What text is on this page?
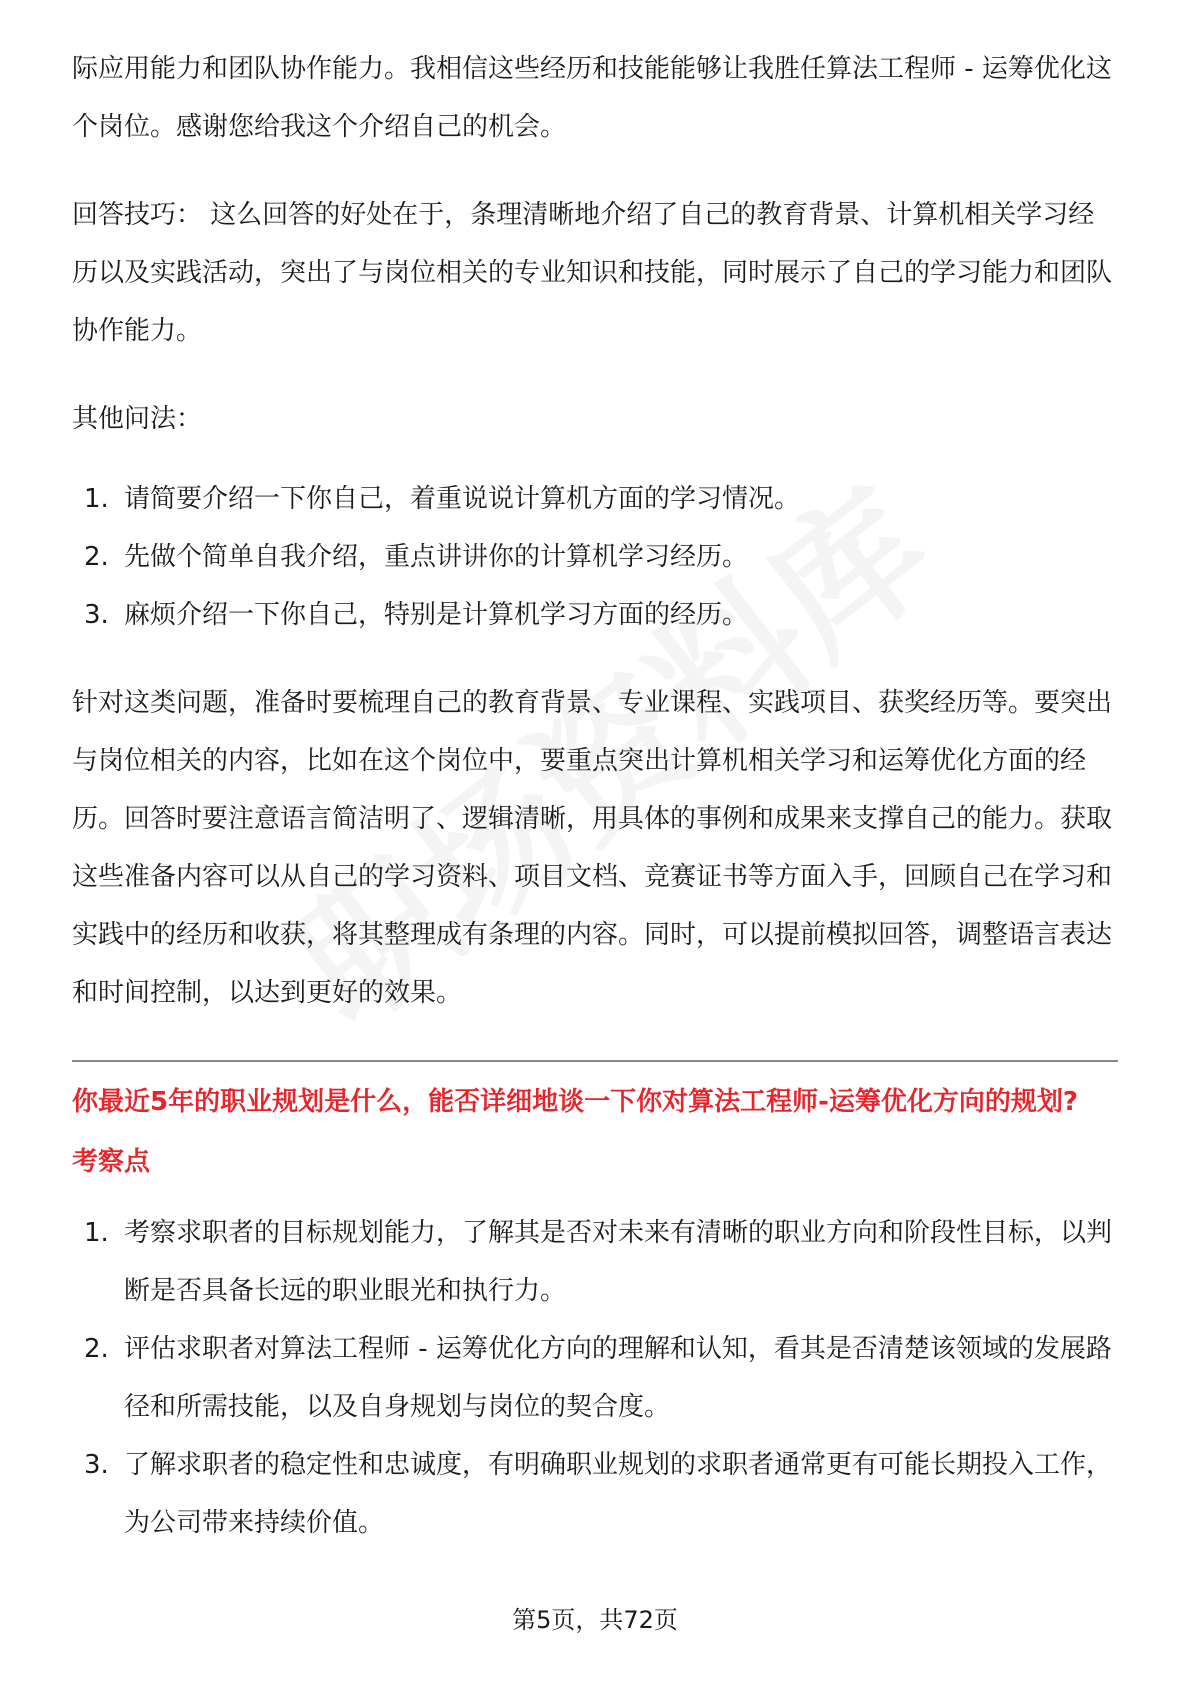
际应用能力和团队协作能力。我相信这些经历和技能能够让我胜任算法工程师 - 运筹优化这个岗位。感谢您给我这个介绍自己的机会。

回答技巧： 这么回答的好处在于，条理清晰地介绍了自己的教育背景、计算机相关学习经历以及实践活动，突出了与岗位相关的专业知识和技能，同时展示了自己的学习能力和团队协作能力。

其他问法：

1. 请简要介绍一下你自己，着重说说计算机方面的学习情况。
2. 先做个简单自我介绍，重点讲讲你的计算机学习经历。
3. 麻烦介绍一下你自己，特别是计算机学习方面的经历。

针对这类问题，准备时要梳理自己的教育背景、专业课程、实践项目、获奖经历等。要突出与岗位相关的内容，比如在这个岗位中，要重点突出计算机相关学习和运筹优化方面的经历。回答时要注意语言简洁明了、逻辑清晰，用具体的事例和成果来支撑自己的能力。获取这些准备内容可以从自己的学习资料、项目文档、竞赛证书等方面入手，回顾自己在学习和实践中的经历和收获，将其整理成有条理的内容。同时，可以提前模拟回答，调整语言表达和时间控制，以达到更好的效果。

你最近5年的职业规划是什么，能否详细地谈一下你对算法工程师-运筹优化方向的规划?
考察点
1. 考察求职者的目标规划能力，了解其是否对未来有清晰的职业方向和阶段性目标，以判断是否具备长远的职业眼光和执行力。
2. 评估求职者对算法工程师 - 运筹优化方向的理解和认知，看其是否清楚该领域的发展路径和所需技能，以及自身规划与岗位的契合度。
3. 了解求职者的稳定性和忠诚度，有明确职业规划的求职者通常更有可能长期投入工作，为公司带来持续价值。
第5页，共72页
